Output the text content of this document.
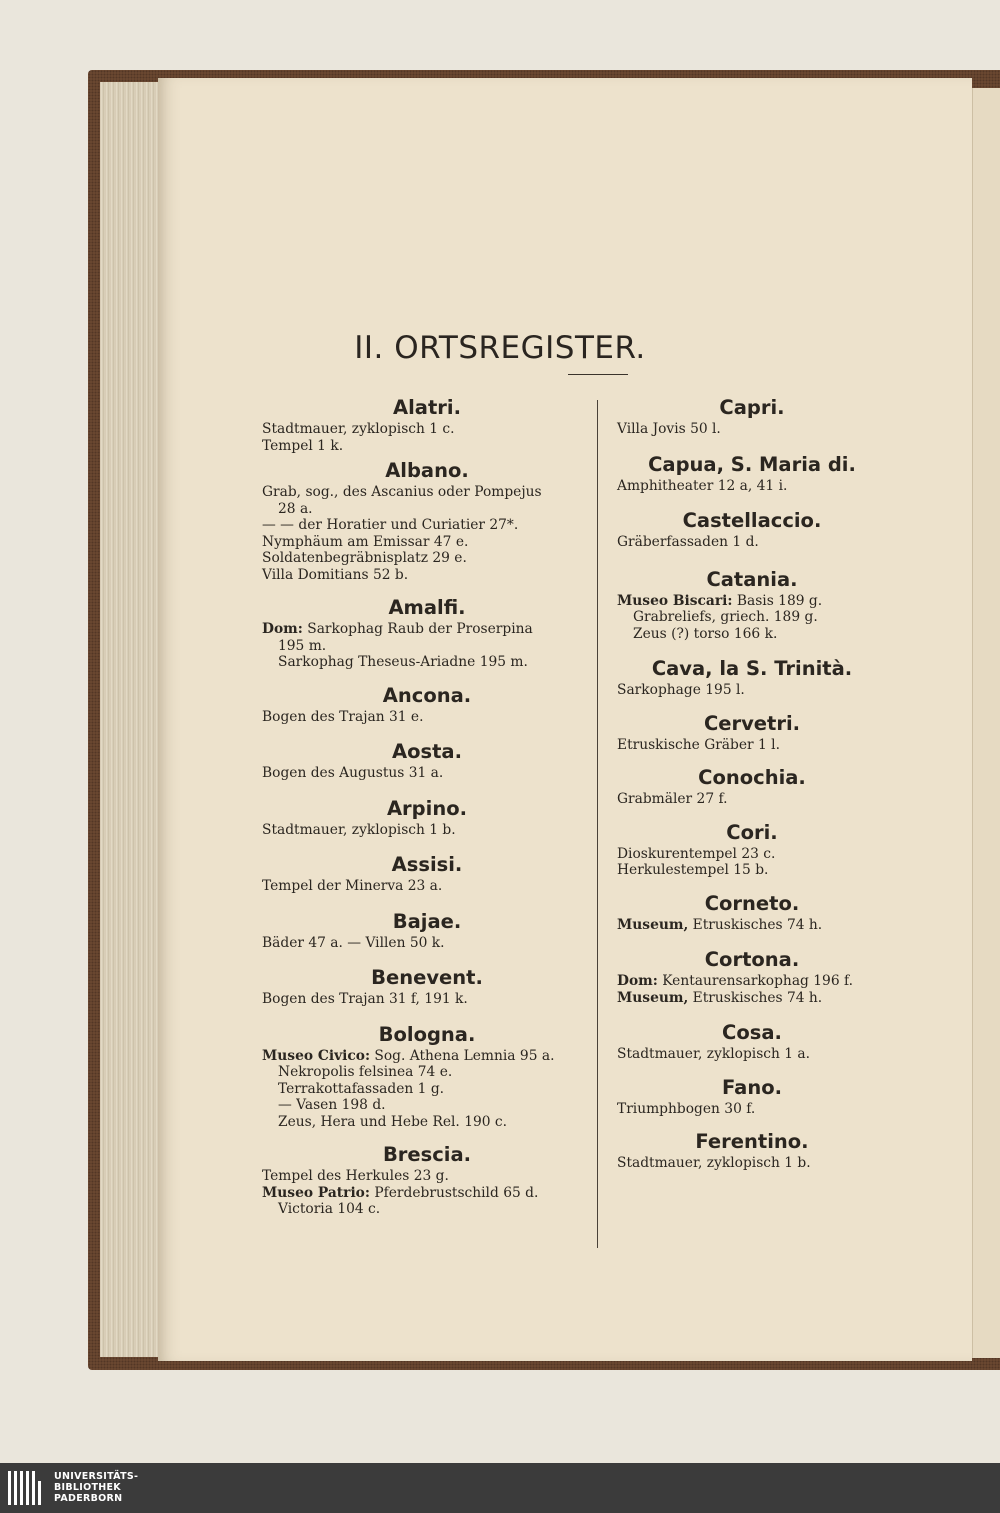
II. ORTSREGISTER.
Alatri.
Stadtmauer, zyklopisch 1 c.
Tempel 1 k.
Albano.
Grab, sog., des Ascanius oder Pompejus
28 a.
— — der Horatier und Curiatier 27*.
Nymphäum am Emissar 47 e.
Soldatenbegräbnisplatz 29 e.
Villa Domitians 52 b.
Amalfi.
Dom: Sarkophag Raub der Proserpina
195 m.
Sarkophag Theseus-Ariadne 195 m.
Ancona.
Bogen des Trajan 31 e.
Aosta.
Bogen des Augustus 31 a.
Arpino.
Stadtmauer, zyklopisch 1 b.
Assisi.
Tempel der Minerva 23 a.
Bajae.
Bäder 47 a. — Villen 50 k.
Benevent.
Bogen des Trajan 31 f, 191 k.
Bologna.
Museo Civico: Sog. Athena Lemnia 95 a.
Nekropolis felsinea 74 e.
Terrakottafassaden 1 g.
— Vasen 198 d.
Zeus, Hera und Hebe Rel. 190 c.
Brescia.
Tempel des Herkules 23 g.
Museo Patrio: Pferdebrustschild 65 d.
Victoria 104 c.
Capri.
Villa Jovis 50 l.
Capua, S. Maria di.
Amphitheater 12 a, 41 i.
Castellaccio.
Gräberfassaden 1 d.
Catania.
Museo Biscari: Basis 189 g.
Grabreliefs, griech. 189 g.
Zeus (?) torso 166 k.
Cava, la S. Trinità.
Sarkophage 195 l.
Cervetri.
Etruskische Gräber 1 l.
Conochia.
Grabmäler 27 f.
Cori.
Dioskurentempel 23 c.
Herkulestempel 15 b.
Corneto.
Museum, Etruskisches 74 h.
Cortona.
Dom: Kentaurensarkophag 196 f.
Museum, Etruskisches 74 h.
Cosa.
Stadtmauer, zyklopisch 1 a.
Fano.
Triumphbogen 30 f.
Ferentino.
Stadtmauer, zyklopisch 1 b.
UNIVERSITÄTS-
BIBLIOTHEK
PADERBORN
